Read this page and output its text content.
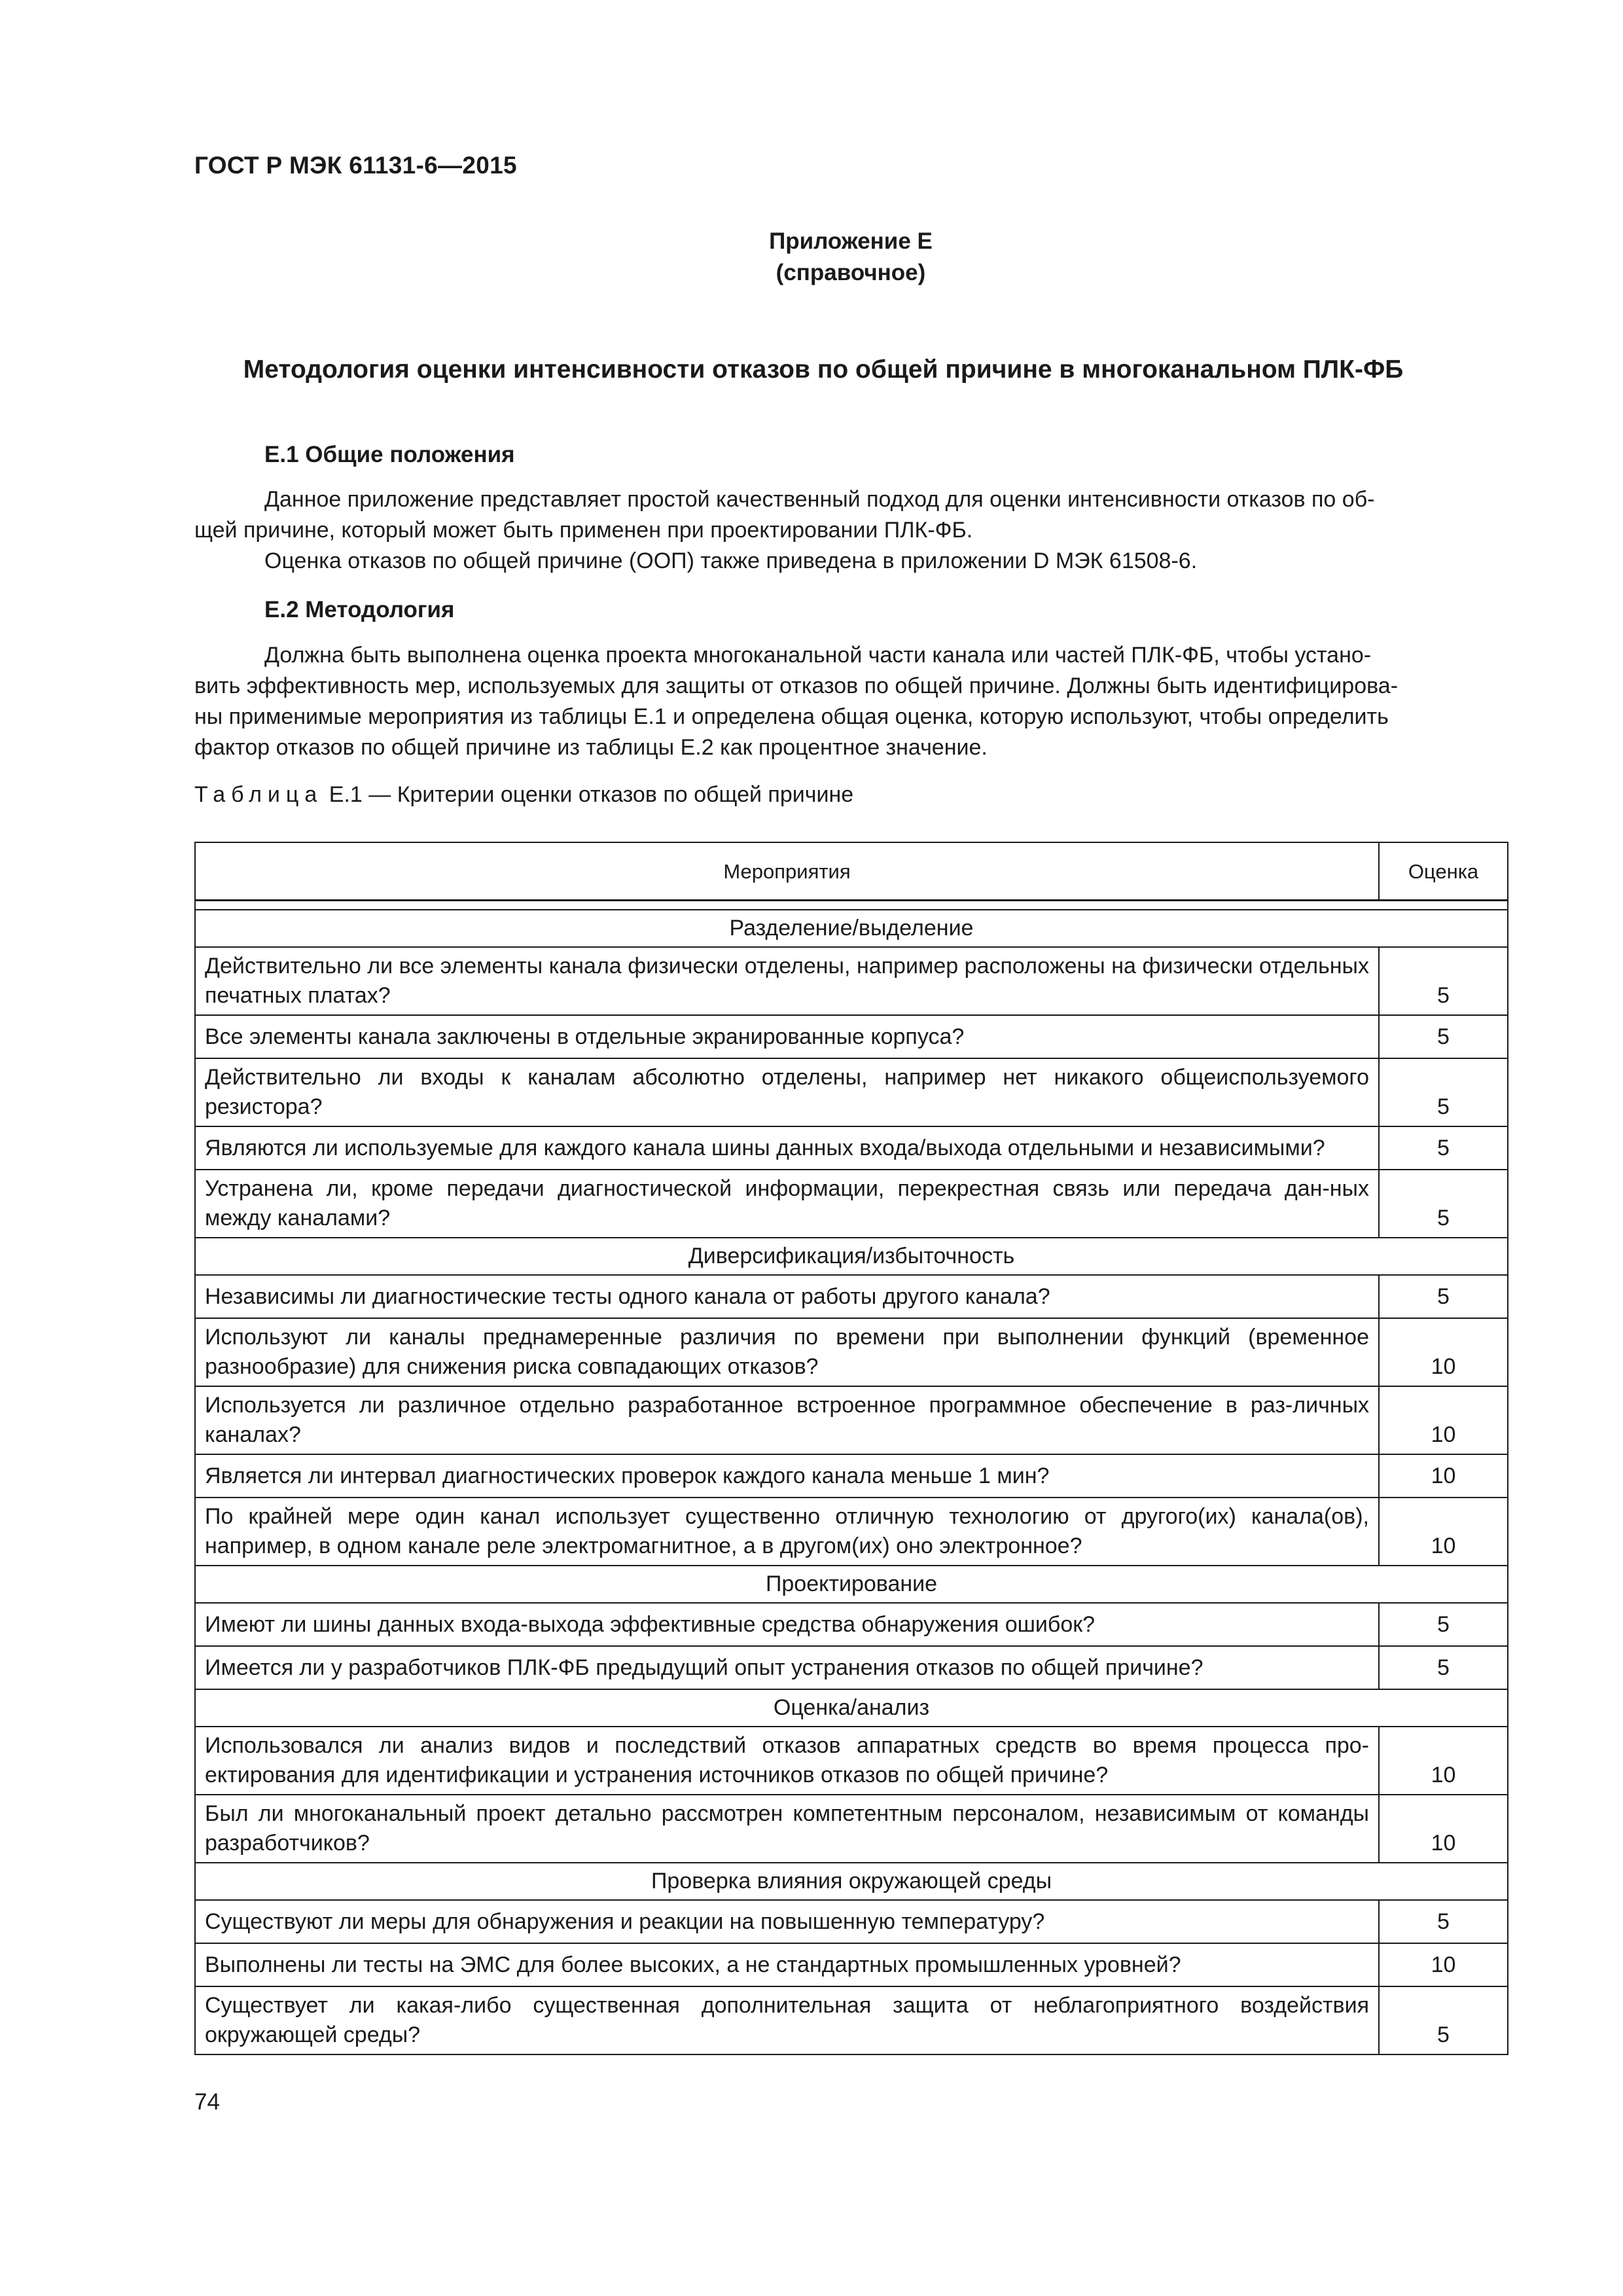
ГОСТ Р МЭК 61131-6—2015
Приложение Е
(справочное)
Методология оценки интенсивности отказов по общей причине в многоканальном ПЛК-ФБ
Е.1 Общие положения
Данное приложение представляет простой качественный подход для оценки интенсивности отказов по об-
щей причине, который может быть применен при проектировании ПЛК-ФБ.
Оценка отказов по общей причине (ООП) также приведена в приложении D МЭК 61508-6.
Е.2 Методология
Должна быть выполнена оценка проекта многоканальной части канала или частей ПЛК-ФБ, чтобы устано-
вить эффективность мер, используемых для защиты от отказов по общей причине. Должны быть идентифицирова-
ны применимые мероприятия из таблицы Е.1 и определена общая оценка, которую используют, чтобы определить
фактор отказов по общей причине из таблицы Е.2 как процентное значение.
Таблица Е.1 — Критерии оценки отказов по общей причине
Мероприятия	Оценка

Разделение/выделение	
Действительно ли все элементы канала физически отделены, например расположены на физически отдельных печатных платах?	5
Все элементы канала заключены в отдельные экранированные корпуса?	5
Действительно ли входы к каналам абсолютно отделены, например нет никакого общеиспользуемого резистора?	5
Являются ли используемые для каждого канала шины данных входа/выхода отдельными и независимыми?	5
Устранена ли, кроме передачи диагностической информации, перекрестная связь или передача дан-ных между каналами?	5
Диверсификация/избыточность	
Независимы ли диагностические тесты одного канала от работы другого канала?	5
Используют ли каналы преднамеренные различия по времени при выполнении функций (временное разнообразие) для снижения риска совпадающих отказов?	10
Используется ли различное отдельно разработанное встроенное программное обеспечение в раз-личных каналах?	10
Является ли интервал диагностических проверок каждого канала меньше 1 мин?	10
По крайней мере один канал использует существенно отличную технологию от другого(их) канала(ов), например, в одном канале реле электромагнитное, а в другом(их) оно электронное?	10
Проектирование	
Имеют ли шины данных входа-выхода эффективные средства обнаружения ошибок?	5
Имеется ли у разработчиков ПЛК-ФБ предыдущий опыт устранения отказов по общей причине?	5
Оценка/анализ	
Использовался ли анализ видов и последствий отказов аппаратных средств во время процесса про-ектирования для идентификации и устранения источников отказов по общей причине?	10
Был ли многоканальный проект детально рассмотрен компетентным персоналом, независимым от команды разработчиков?	10
Проверка влияния окружающей среды	
Существуют ли меры для обнаружения и реакции на повышенную температуру?	5
Выполнены ли тесты на ЭМС для более высоких, а не стандартных промышленных уровней?	10
Существует ли какая-либо существенная дополнительная защита от неблагоприятного воздействия окружающей среды?	5
74
